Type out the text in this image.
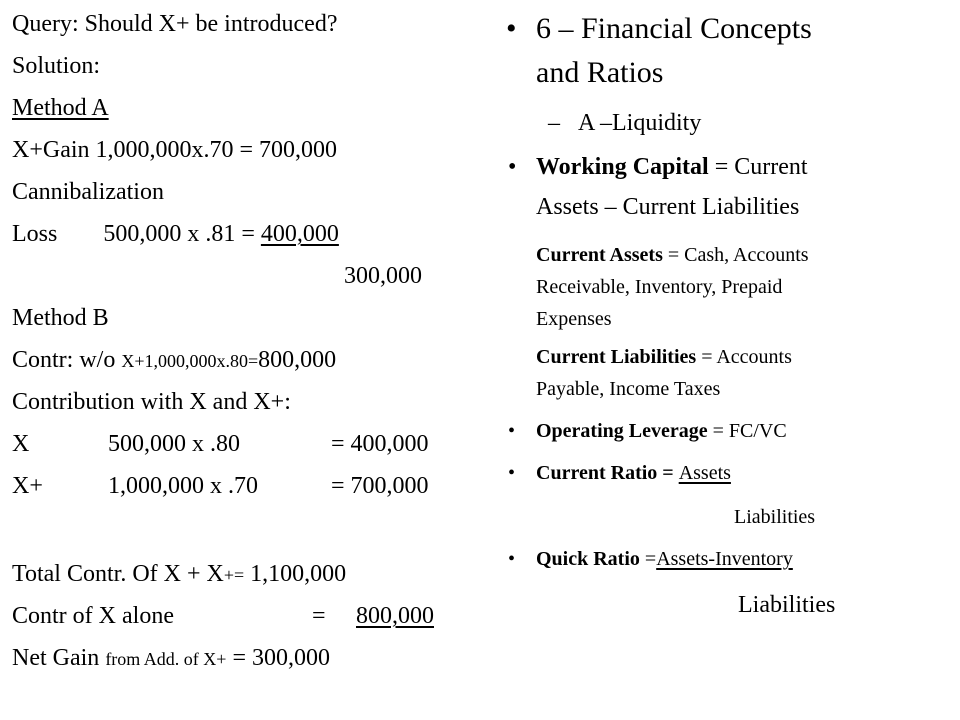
Query: Should X+ be introduced?
Solution:
Method A
X+Gain 1,000,000x.70 = 700,000
Cannibalization
Loss 500,000 x .81 = 400,000
300,000
Method B
Contr: w/o X+1,000,000x.80=800,000
Contribution with X and X+:
X	500,000 x .80	= 400,000
X+	1,000,000 x .70	= 700,000
Total Contr. Of X + X+= 1,100,000
Contr of X alone	= 800,000
Net Gain from Add. of X+ = 300,000
• 6 – Financial Concepts
and Ratios
– A –Liquidity
• Working Capital = Current
Assets – Current Liabilities
Current Assets = Cash, Accounts
Receivable, Inventory, Prepaid
Expenses
Current Liabilities = Accounts
Payable, Income Taxes
• Operating Leverage = FC/VC
• Current Ratio = Assets
Liabilities
• Quick Ratio =Assets-Inventory
Liabilities
